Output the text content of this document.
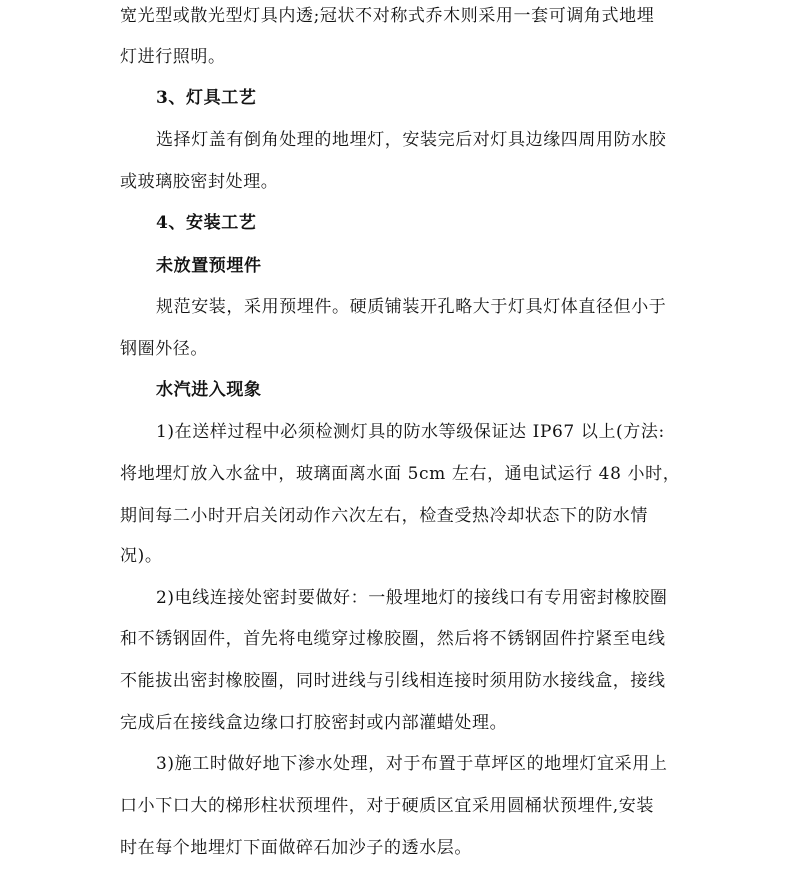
宽光型或散光型灯具内透;冠状不对称式乔木则采用一套可调角式地埋
灯进行照明。
3、灯具工艺
选择灯盖有倒角处理的地埋灯，安装完后对灯具边缘四周用防水胶
或玻璃胶密封处理。
4、安装工艺
未放置预埋件
规范安装，采用预埋件。硬质铺装开孔略大于灯具灯体直径但小于
钢圈外径。
水汽进入现象
1)在送样过程中必须检测灯具的防水等级保证达 IP67 以上(方法:
将地埋灯放入水盆中，玻璃面离水面 5cm 左右，通电试运行 48 小时，
期间每二小时开启关闭动作六次左右，检查受热冷却状态下的防水情
况)。
2)电线连接处密封要做好：一般埋地灯的接线口有专用密封橡胶圈
和不锈钢固件，首先将电缆穿过橡胶圈，然后将不锈钢固件拧紧至电线
不能拔出密封橡胶圈，同时进线与引线相连接时须用防水接线盒，接线
完成后在接线盒边缘口打胶密封或内部灌蜡处理。
3)施工时做好地下渗水处理，对于布置于草坪区的地埋灯宜采用上
口小下口大的梯形柱状预埋件，对于硬质区宜采用圆桶状预埋件,安装
时在每个地埋灯下面做碎石加沙子的透水层。
